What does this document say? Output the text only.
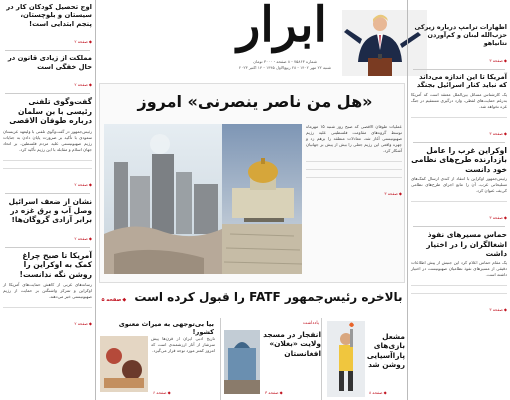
اوج تحصیل کودکان کار در سیستان و بلوچستان، پنجم ابتدایی است!
◆ صفحه ۲
مملکت از زیادی قانون در حال خفگی است
◆ صفحه ۲
گفت‌وگوی تلفنی رئیسی با بن سلمان درباره طوفان الاقصی
رئیس‌جمهور در گفت‌وگوی تلفنی با ولیعهد عربستان سعودی با تأکید بر ضرورت پایان دادن به جنایات رژیم صهیونیستی علیه مردم فلسطین، بر اتحاد جهان اسلام و مقابله با این رژیم تأکید کرد.
◆ صفحه ۲
نشان از ضعف اسرائیل وصل آب و برق غزه در برابر آزادی گروگان‌ها!
◆ صفحه ۲
آمریکا تا صبح چراغ کمک به اوکراین را روشن نگه ندانست!
رسانه‌های غربی از کاهش حمایت‌های آمریکا از اوکراین و تمرکز واشنگتن بر حمایت از رژیم صهیونیستی خبر می‌دهند.
◆ صفحه ۲
ابرار
شماره ۷۵۸۶۳ - ۸ صفحه - ۳۰۰۰ تومان
شنبه ۲۲ مهر ۱۴۰۲ - ۲۸ ربیع‌الاول ۱۴۴۵ - ۱۴ اکتبر ۲۰۲۳
اظهارات ترامپ درباره زیرکی حزب‌الله لبنان و کم‌آوردن نتانیاهو
◆ صفحه ۳
آمریکا تا این اندازه می‌داند که نباید کنار اسرائیل بجنگد
یک کارشناس مسائل بین‌الملل معتقد است که آمریکا به‌رغم حمایت‌های لفظی، وارد درگیری مستقیم در جنگ غزه نخواهد شد.
◆ صفحه ۳
اوکراین غرب را عامل بازدارنده طرح‌های نظامی خود دانست
رئیس‌جمهور اوکراین با انتقاد از کندی ارسال کمک‌های تسلیحاتی غرب، آن را مانع اجرای طرح‌های نظامی کی‌یف عنوان کرد.
◆ صفحه ۳
حماس مسیرهای نفوذ اشغالگران را در اختیار داشت
یک مقام حماس اعلام کرد این جنبش از پیش اطلاعات دقیقی از مسیرهای نفوذ نظامیان صهیونیست در اختیار داشته است.
◆ صفحه ۳
«هل من ناصر ینصرنی» امروز
عملیات طوفان الاقصی که صبح روز شنبه ۱۵ مهرماه توسط گروه‌های مقاومت فلسطینی علیه رژیم صهیونیستی آغاز شد، معادلات منطقه را برهم زد و چهره واقعی این رژیم جعلی را بیش از پیش بر جهانیان آشکار کرد.
◆ صفحه ۳
بالاخره رئیس‌جمهور FATF را قبول کرده است ◆ صفحه ۵
بیا بی‌توجهی به میراث معنوی کشور!
تاریخ ادبی ایران از قرن‌ها پیش سرشار از آثار ارزشمندی است که امروز کمتر مورد توجه قرار می‌گیرد.
◆ صفحه ۶
یادداشت
انفجار در مسجد ولایت «بغلان» افغانستان
◆ صفحه ۳
مشعل بازی‌های پاراآسیایی روشن شد
◆ صفحه ۸
